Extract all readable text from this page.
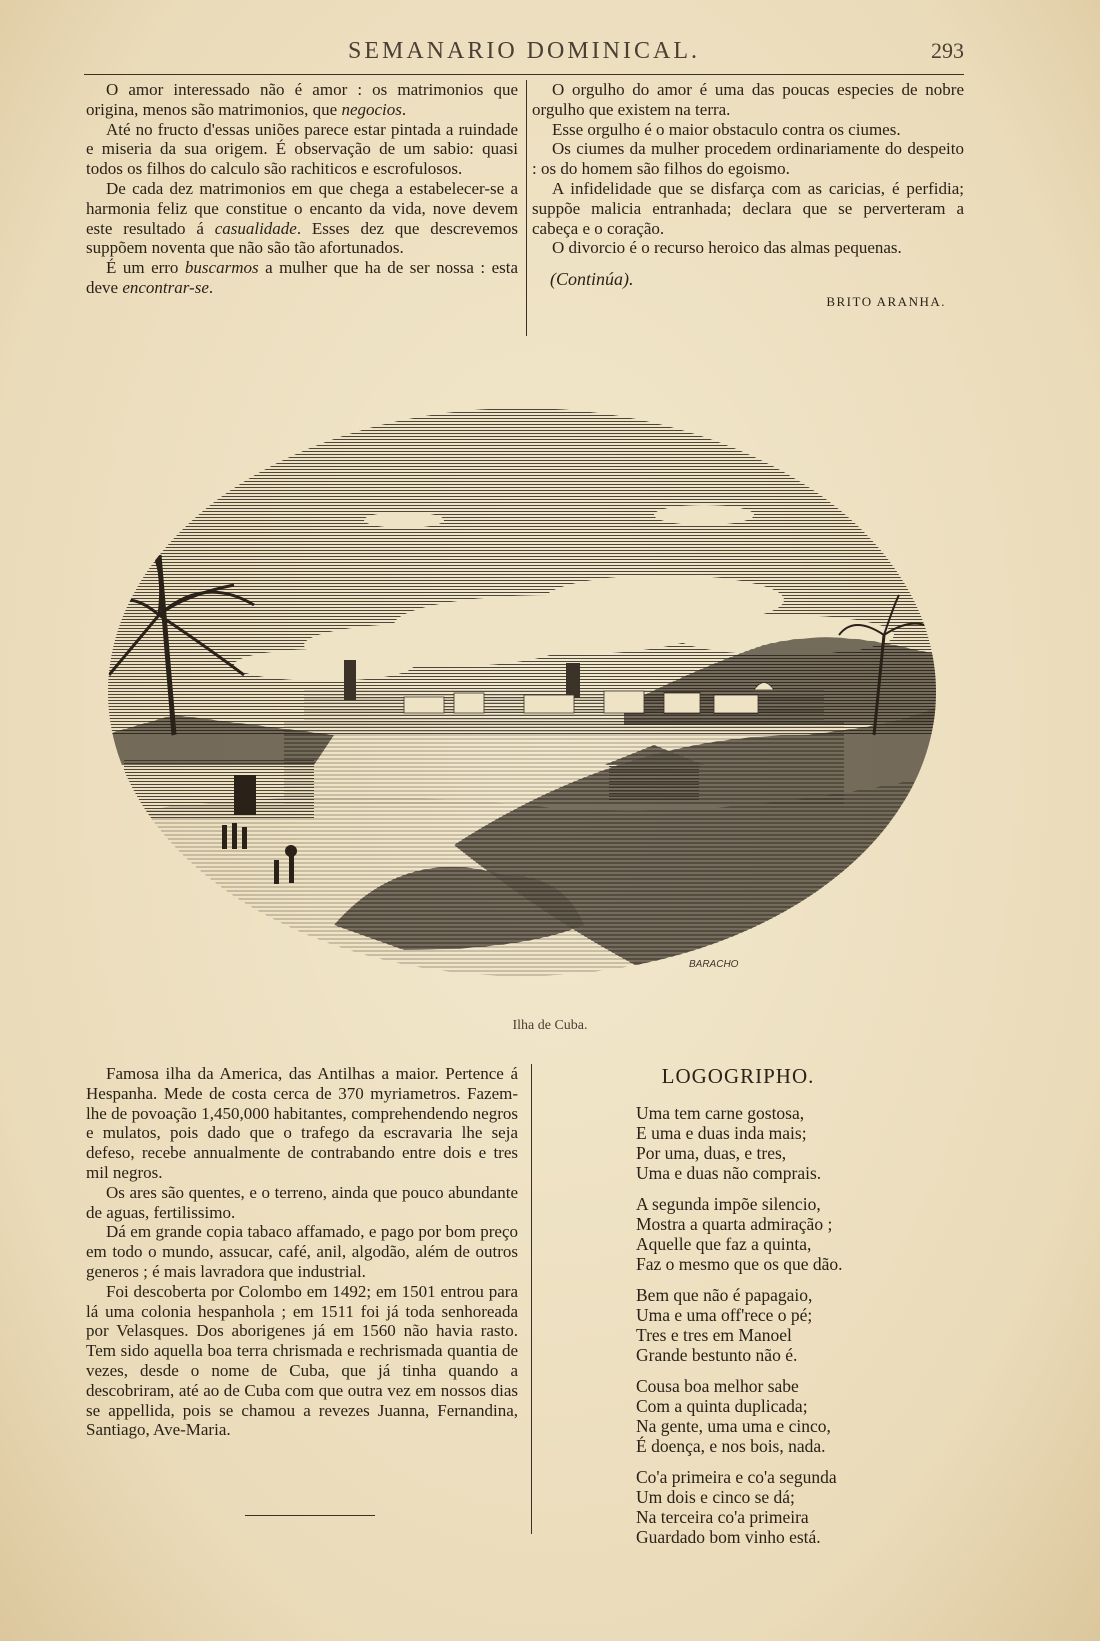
SEMANARIO DOMINICAL.	293

O amor interessado não é amor : os matrimonios que origina, menos são matrimonios, que negocios.

Até no fructo d'essas uniões parece estar pintada a ruindade e miseria da sua origem. É observação de um sabio: quasi todos os filhos do calculo são rachiticos e escrofulosos.

De cada dez matrimonios em que chega a estabelecer-se a harmonia feliz que constitue o encanto da vida, nove devem este resultado á casualidade. Esses dez que descrevemos suppõem noventa que não são tão afortunados.

É um erro buscarmos a mulher que ha de ser nossa : esta deve encontrar-se.

O orgulho do amor é uma das poucas especies de nobre orgulho que existem na terra.

Esse orgulho é o maior obstaculo contra os ciumes.

Os ciumes da mulher procedem ordinariamente do despeito : os do homem são filhos do egoismo.

A infidelidade que se disfarça com as caricias, é perfidia; suppõe malicia entranhada; declara que se perverteram a cabeça e o coração.

O divorcio é o recurso heroico das almas pequenas.

(Continúa).

BRITO ARANHA.

BARACHO
Ilha de Cuba.

Famosa ilha da America, das Antilhas a maior. Pertence á Hespanha. Mede de costa cerca de 370 myriametros. Fazem-lhe de povoação 1,450,000 habitantes, comprehendendo negros e mulatos, pois dado que o trafego da escravaria lhe seja defeso, recebe annualmente de contrabando entre dois e tres mil negros.

Os ares são quentes, e o terreno, ainda que pouco abundante de aguas, fertilissimo.

Dá em grande copia tabaco affamado, e pago por bom preço em todo o mundo, assucar, café, anil, algodão, além de outros generos ; é mais lavradora que industrial.

Foi descoberta por Colombo em 1492; em 1501 entrou para lá uma colonia hespanhola ; em 1511 foi já toda senhoreada por Velasques. Dos aborigenes já em 1560 não havia rasto. Tem sido aquella boa terra chrismada e rechrismada quantia de vezes, desde o nome de Cuba, que já tinha quando a descobriram, até ao de Cuba com que outra vez em nossos dias se appellida, pois se chamou a revezes Juanna, Fernandina, Santiago, Ave-Maria.

LOGOGRIPHO.
Uma tem carne gostosa,
E uma e duas inda mais;
Por uma, duas, e tres,
Uma e duas não comprais.
A segunda impõe silencio,
Mostra a quarta admiração ;
Aquelle que faz a quinta,
Faz o mesmo que os que dão.
Bem que não é papagaio,
Uma e uma off'rece o pé;
Tres e tres em Manoel
Grande bestunto não é.
Cousa boa melhor sabe
Com a quinta duplicada;
Na gente, uma uma e cinco,
É doença, e nos bois, nada.
Co'a primeira e co'a segunda
Um dois e cinco se dá;
Na terceira co'a primeira
Guardado bom vinho está.
